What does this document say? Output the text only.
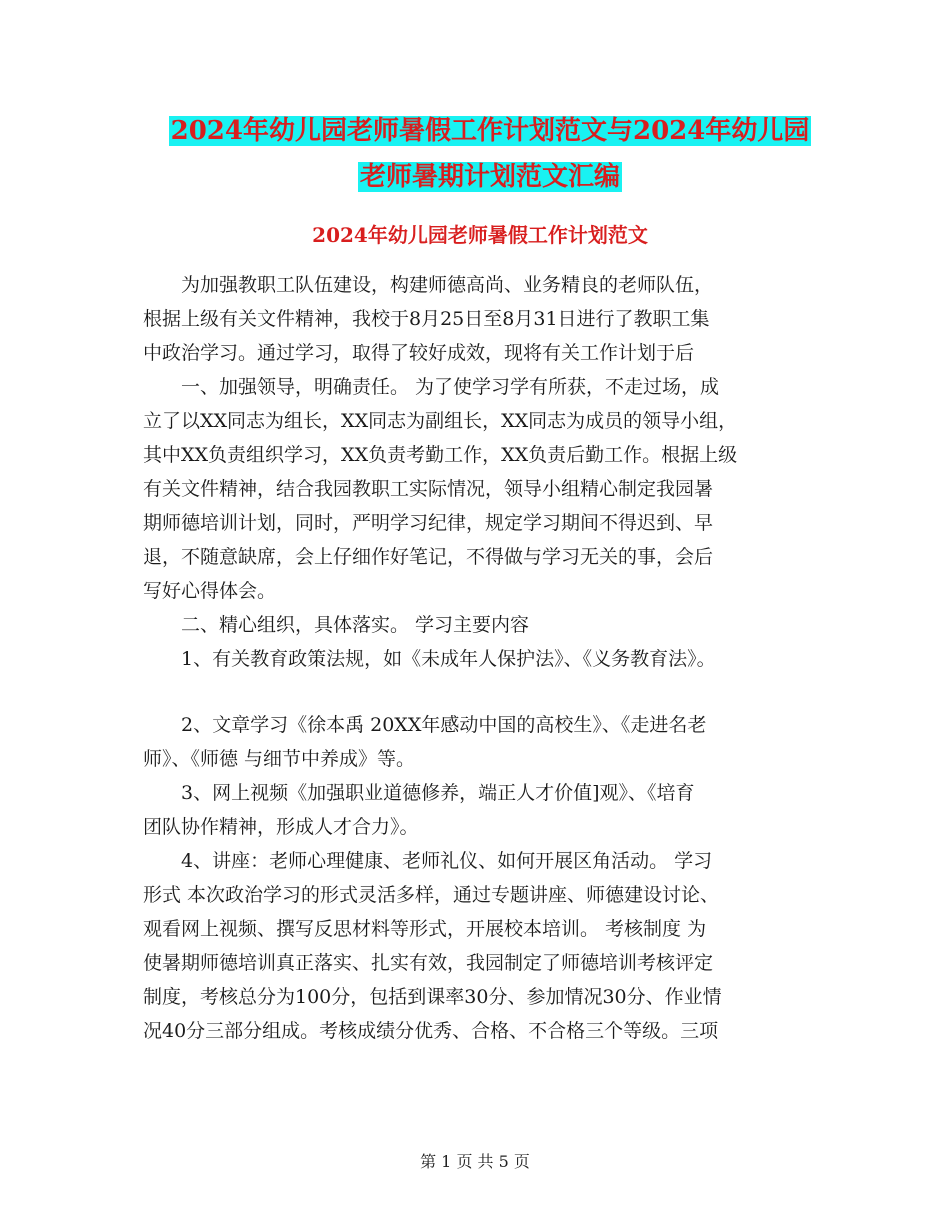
2024年幼儿园老师暑假工作计划范文与2024年幼儿园
老师暑期计划范文汇编
2024年幼儿园老师暑假工作计划范文
　　为加强教职工队伍建设，构建师德高尚、业务精良的老师队伍，
根据上级有关文件精神，我校于8月25日至8月31日进行了教职工集
中政治学习。通过学习，取得了较好成效，现将有关工作计划于后
　　一、加强领导，明确责任。 为了使学习学有所获，不走过场，成
立了以XX同志为组长，XX同志为副组长，XX同志为成员的领导小组，
其中XX负责组织学习，XX负责考勤工作，XX负责后勤工作。根据上级
有关文件精神，结合我园教职工实际情况，领导小组精心制定我园暑
期师德培训计划，同时，严明学习纪律，规定学习期间不得迟到、早
退，不随意缺席，会上仔细作好笔记，不得做与学习无关的事，会后
写好心得体会。
　　二、精心组织，具体落实。 学习主要内容
　　1、有关教育政策法规，如《未成年人保护法》、《义务教育法》。
　　2、文章学习《徐本禹 20XX年感动中国的高校生》、《走进名老
师》、《师德 与细节中养成》等。
　　3、网上视频《加强职业道德修养，端正人才价值]观》、《培育
团队协作精神，形成人才合力》。
　　4、讲座：老师心理健康、老师礼仪、如何开展区角活动。 学习
形式 本次政治学习的形式灵活多样，通过专题讲座、师德建设讨论、
观看网上视频、撰写反思材料等形式，开展校本培训。 考核制度 为
使暑期师德培训真正落实、扎实有效，我园制定了师德培训考核评定
制度，考核总分为100分，包括到课率30分、参加情况30分、作业情
况40分三部分组成。考核成绩分优秀、合格、不合格三个等级。三项
第 1 页 共 5 页
